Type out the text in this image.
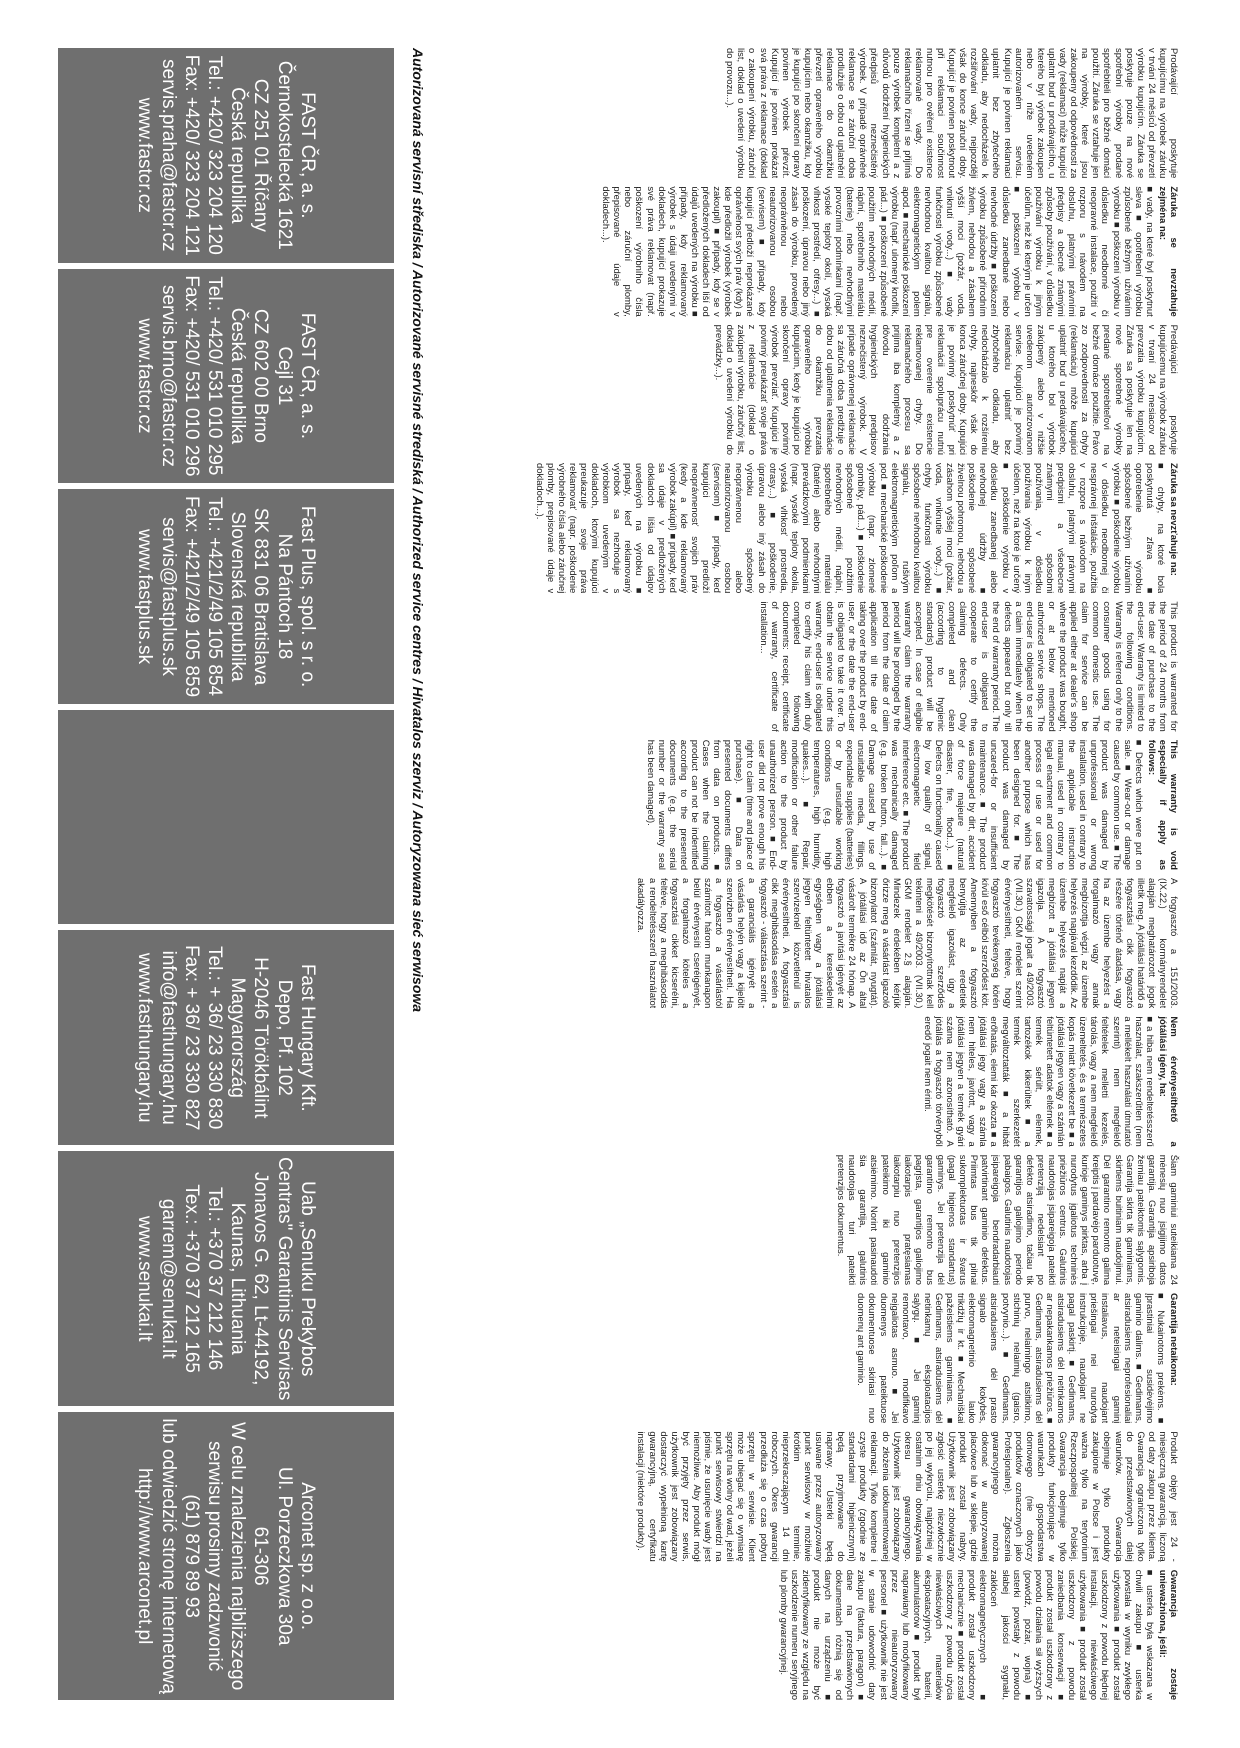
Prodávající poskytuje kupujícímu na výrobek záruku v trvání 24 měsíců od převzetí výrobku kupujícím. Záruka se poskytuje pouze na nové spotřební výrobky prodané spotřebiteli pro běžné domácí použití. Záruka se vztahuje jen na výrobky, které jsou zakoupeny od odpovědnosti za vady (reklamaci) může kupující uplatnit buď u prodávajícího, u kterého byl výrobek zakoupen nebo v níže uvedeném autorizovaném servisu. Kupující je povinen reklamaci uplatnit bez zbytečného odkladu, aby nedocházelo k rozšiřování vady, nejpozději však do konce záruční doby. Kupující je povinen poskytnout při reklamaci součinnost nutnou pro ověření existence reklamované vady. Do reklamačního řízení se přijímá pouze výrobek kompletní a z důvodů dodržení hygienických předpisů neznečistěný výrobek. V případě oprávněné reklamace se záruční doba prodlužuje o dobu od uplatnění reklamace do okamžiku převzetí opraveného výrobku kupujícím nebo okamžiku, kdy je kupující po skončení opravy povinen výrobek převzít. Kupující je povinen prokázat svá práva z reklamace (doklad o zakoupení výrobku, záruční list, doklad o uvedení výrobku do provozu...).

Záruka se nevztahuje zejména na:

■ vady, na které byl poskytnut sleva ■ opotřebení výrobku způsobené běžným užíváním výrobku ■ poškození výrobku v důsledku neodborné či neopravné instalace, použití v rozporu s návodem na obsluhu, platnými právními předpisy a obecně známými způsoby používání, v důsledku používání výrobku k jiným účelům, než ke kterým je určen ■ poškození výrobku v důsledku zanedbané nebo nevhodné údržby ■ poškození výrobku způsobené přírodním živlem, nehodou a zásahem vyšší moci (požár, voda, vniknutí vody...) ■ vady funkčnosti výrobku způsobené nevhodnou kvalitou signálu, elektromagnetickým polem apod. ■ mechanické poškození výrobku (např. ulomený knoflík, pád...) ■ poškození způsobené použitím nevhodných médií, náplní, spotřebního materiálu (baterie) nebo nevhodnými provozními podmínkami (např. vysoké teploty okolí, vysoká vlhkost prostředí, otřesy...) ■ poškození, úpravou nebo jiný zásah do výrobku, provedený neoprávněnou nebo neautorizovanou osobou (servisem) ■ případy, kdy kupující předloží neprokázané oprávněnost svých práv (kdy) a kde předložil výrobek (výrobek zakoupil) ■ případy, kdy se v předložených dokladech liší od údajů uvedených na výrobku ■ případy, kdy reklamovaný výrobek s údaji uvedenými v dokladech, kupující prokazuje své práva reklamovat (např. poškození výrobního čísla nebo záruční plomby, přepisované údaje v dokladech...).

Predávajúci poskytuje kupujúcemu na výrobok záruku v trvaní 24 mesiacov od prevzatia výrobku kupujúcim. Záruka sa poskytuje len na nové spotrebné výrobky predané spotrebiteľovi na bežné domáce použitie. Právo zo zodpovednosti za chyby (reklamáciu) môže kupujúci uplatniť buď u predávajúceho, u ktorého bol výrobok zakúpený alebo v nižšie uvedenom autorizovanom servise. Kupujúci je povinný reklamáciu uplatniť bez zbytočného odkladu, aby nedochádzalo k rozšíreniu chyby, najneskôr však do konca záručnej doby. Kupujúci je povinný poskytnúť pri reklamácii spoluprácu nutnú pre overenie existencie reklamovanej chyby. Do reklamačného procesu sa prijíma iba kompletný a z dôvodu dodržania hygienických predpisov neznečistený výrobok. V prípade oprávnenej reklamácie sa záručná doba predlžuje o dobu od uplatnenia reklamácie do okamžiku prevzatia opraveného výrobku kupujúcim, kedy je kupujúci po skončení opravy povinný výrobok prevziať. Kupujúci je povinný preukázať svoje práva z reklamácie (doklad o zakúpení výrobku, záručný list, doklad o uvedení výrobku do prevádzky...).

Záruka sa nevzťahuje na:

■ chyby, na ktoré bola poskytnutá zľava ■ opotrebenie výrobku spôsobené bežným užívaním výrobku ■ poškodenie výrobku v dôsledku neodbornej či nesprávnej inštalácie, použitia v rozpore s návodom na obsluhu, platnými právnymi predpismi a všeobecne známymi spôsobmi používania, v dôsledku používania výrobku k iným účelom, než na ktoré je určený ■ poškodenie výrobku v dôsledku zanedbanej alebo nevhodnej údržby ■ poškodenie spôsobené živelnou pohromou, nehodou a zásahom vyššej moci (požiar, voda, vniknutie vody...) ■ chyby funkčnosti výrobku spôsobené nevhodnou kvalitou signálu, rušivým elektromagnetickým poľom a pod. ■ mechanické poškodenie výrobku (napr. zlomené gombíky, pád...) ■ poškodenie spôsobené použitím nevhodných médií, náplní, spotrebného materiálu (batérie) alebo nevhodnými prevádzkovými podmienkami (napr. vysoké teploty okolia, vysoká vlhkosť prostredia, otrasy...) ■ poškodenie, úpravou alebo iný zásah do výrobku spôsobený neoprávnenou alebo neautorizovanou osobou (servisom) ■ prípady, keď kupujúci predloží neoprávnenosť svojich práv (kedy a kde reklamovaný výrobok zakúpil) ■ prípady, keď sa údaje v predložených dokladoch líšia od údajov uvedených na výrobku ■ prípady, keď reklamovaný výrobok sa nezhoduje s výrobkom uvedeným v dokladoch, ktorými kupujúci preukazuje svoje práva reklamovať (napr. poškodenie výrobného čísla alebo záručnej plomby, prepisované údaje v dokladoch...).

This product is warranted for the period of 24 months from the date of purchase to the end-user. Warranty is limited to the following conditions. Warranty is referred only to the consumer goods using for common domestic use. The claim for service can be applied either at dealer's shop where the product was bought, or at below mentioned authorized service shops. The end-user is obligated to set up a claim immediately when the defects appeared but only till the end of warranty period. The end-user is obligated to cooperate to certify the claiming defects. Only completed and clean (according to hygienic standards) product will be accepted. In case of eligible warranty claim the warranty period will be prolonged by the period from the date of claim application till the date of taking over the product by end-user, or the date the end-user is obligated to take it over. To obtain the service under this warranty, end-user is obligated to certify his claim with duly completed following documents: receipt, certificate of warranty, certificate of installation...

This warranty is void especially if apply as follows:

■ Defects which were put on sale. ■ Wear-out or damage caused by common use. ■ The product was damaged by unprofessional or wrong installation, used in contrary to the applicable instruction manual, used in contrary to legal enactment and common process of use or used for another purpose which has been designed for. ■ The product was damaged by uncared-for or insufficient maintenance. ■ The product was damaged by dirt, accident of force majeure (natural disaster, fire, flood...). ■ Defects on functionality caused by low quality of signal, electromagnetic field interference etc. ■ The product was mechanically damaged (e.g. broken button, fall...). ■ Damage caused by use of unsuitable media, fillings, expendable supplies (batteries) or by unsuitable working conditions (e.g. high temperatures, high humidity, quakes...). ■ Repair, modification or other failure action to the product by unauthorized person. ■ End-user did not prove enough his right to claim (time and place of purchase). ■ Data on presented documents differs from data on products. ■ Cases when the claiming product can not be indentified according to the presented documents (e.g. the serial number or the warranty seal has been damaged).

A fogyasztó a 151/2003. (IX.22.) kormányrendelet alapján meghatározott jogok illetik meg. A jótállási határidő a fogyasztási cikk fogyasztó részére történő átadása, vagy ha az üzembe helyezést a forgalmazó vagy annak megbízottja végzi, az üzembe helyezés napjával kezdődik. Az üzembe helyezés napját a megbízott a jótállási jegyen igazolja. A fogyasztó szavatossági jogait a 49/2003. (VII.30.) GKM rendelet szerint érvényesítheti, feltéve, hogy fogyasztó tevékenység körén kívül eső célból szerződést köt. Amennyiben a fogyasztó benyújtja az eredetiek megfelelő igazolást, úgy a fogyasztó szerződés megkötését bizonyítottnak kell tekinteni a 49/2003. (VII.30.) GKM rendelet 2.§ alapján. Mindezek érdekében kérjük őrizze meg a vásárlást igazoló bizonylatot (számlát, nyugtát). A jótállási idő az Ön által vásárolt termékre 24 hónap. A fogyasztó a javítási igényét az ebben a kereskedelmi egységben vagy a jótállási jegyen feltüntetett hivatalos szervizeknél közvetlenül is érvényesítheti. A fogyasztási cikk meghibásodása esetén a fogyasztó - választása szerint - a garanciális igényét a vásárlás helyén vagy a kijelölt szervizben érvényesítheti. Ha a fogyasztó a vásárlástól számított három munkanapon belül érvényesíti cseréigényét, a forgalmazó köteles a fogyasztási cikket kicserélni, feltéve, hogy a meghibásodás a rendeltetésszerű használatot akadályozza.

Nem érvényesíthető a jótállási igény, ha:

■ a hiba nem rendeltetésszerű használat, szakszerűtlen (nem a mellékelt használati útmutató szerinti) nem megfelelő feltételek melletti kezelés, tárolás, vagy a nem megfelelő üzemeltetés, és a természetes kopás miatt következett be ■ a jótállási jegyen vagy a számlán feltüntetett adatok eltérnek ■ a termék sérült, elemek, tartozékok kikerültek ■ a termék szerkezetét megváltoztatták ■ a hibát erőhatás, elemi kár okozta ■ a jótállási jegy vagy a számla nem hiteles, javított, vagy a jótállási jegyen a termék gyári száma nem azonosítható. A jótállás a fogyasztó törvényből eredő jogait nem érinti.

Šiam gaminiui suteikiama 24 mėnesių nuo įsigijimo datos garantija. Garantija apsiriboja žemiau pateiktomis sąlygomis. Garantija skirta tik gaminiams, skirtiems buitiniam naudojimui. Dėl garantino remonto galima kreiptis į pardavėjo parduotuvę, kurioje gaminys pirktas, arba į nurodytus įgaliotus techninės priežiūros centrus. Galutinis naudotojas įsipareigoja pateikti pretenziją nedelsiant po defekto atsiradimo, tačiau tik garantijos galiojimo periodo pabaigos. Galutinis naudotojas įsipareigoja bendradarbiauti patvirtinant gaminio defektus. Priimtas bus tik pilnai sukomplektuotas ir švarus (pagal higienos standartus) gaminys. Jei pretenzija dėl garantino remonto bus pagrįsta, garantijos galiojimo laikotarpis pratęsiamas laikotarpiu nuo pretenzijos pateikimo iki gaminio atsiėmimo. Norint pasinaudoti šia garantija, galutinis naudotojas turi pateikti pretenzijos dokumentus.

Garantija netaikoma:

■ Nukainotoms prekėms. ■ Įprastiniai susidėvėjimo gaminio dalims. ■ Gedimams, atsiradusiems neprofesionaliai ar neteisingai gaminį instaliavus, naudojant priešingai nei nurodyta instrukcijoje, naudojant ne pagal paskirtį. ■ Gedimams, atsiradusiems dėl netinkamos ar nepakankamos priežiūros. ■ Gedimams, atsiradusiems dėl purvo, nelaimingo atsitikimo, stichinių nelaimių (gaisro, potvynio...). ■ Gedimams, atsiradusiems dėl prasto signalo kokybės, elektromagnetinio lauko trikdžių ir kt. ■ Mechaniškai pažeistiems gaminiams. ■ Gedimams, atsiradusiems dėl netinkamų eksploatacijos sąlygų. ■ Jei gaminį remontavo, modifikavo neįgaliotas asmuo. ■ Jei duomenys pateiktuose dokumentuose skiriasi nuo duomenų ant gaminio.

Produkt objęty jest 24 - miesięczną gwarancją, liczoną od daty zakupu przez klienta. Gwarancja ograniczona tylko do przedstawionych dalej warunków. Gwarancja obejmuje tylko produkty zakupione w Polsce i jest ważna tylko na terytorium Rzeczpospolitej Polskiej. Gwarancja obejmuje tylko produkty funkcjonujące w warunkach gospodarstwa domowego (nie dotyczy produktów oznaczonych jako Profesjonalne). Zgłoszenia gwarancyjnego można dokonać w autoryzowanej placówce lub w sklepie, gdzie produkt został nabyty. Użytkownik jest zobowiązany zgłosić usterkę niezwłocznie po jej wykryciu, najpóźniej w ostatnim dniu obowiązywania okresu gwarancyjnego. Użytkownik jest zobowiązany do złożenia udokumentowanej reklamacji. Tylko kompletne i czyste produkty (zgodnie ze standardami higienicznymi) będą przyjmowane do naprawy. Usterki będą usuwane przez autoryzowany punkt serwisowy w możliwie krótkim terminie, nieprzekraczającym 14 dni roboczych. Okres gwarancji przedłuża się o czas pobytu sprzętu w serwisie. Klient może ubiegać się o wymianę sprzętu na wolny od wad, jeżeli punkt serwisowy stwierdzi na piśmie, że usunięcie wady jest niemożliwe. Aby produkt mógł być przyjęty przez serwis, użytkownik jest zobowiązany dostarczyć wypełnioną kartę gwarancyjną, certyfikatu instalacji (niektóre produkty).

Gwarancja zostaje unieważniona, jeśli:

■ usterka była wskazana w chwili zakupu ■ usterka powstała w wyniku zwykłego użytkowania ■ produkt został uszkodzony z powodu błędnej instalacji, niewłaściwego użytkowania ■ produkt został uszkodzony z powodu zaniedbania konserwacji ■ produkt został uszkodzony z powodu działania sił wyższych (powódź, pożar, wojna) ■ usterki powstały z powodu słabej jakości sygnału, zakłóceń elektromagnetycznych ■ produkt został uszkodzony mechanicznie ■ produkt został uszkodzony z powodu użycia niewłaściwych materiałów eksploatacyjnych, baterii, akumulatorów ■ produkt był naprawiany lub modyfikowany przez nieautoryzowany personel ■ użytkownik nie jest w stanie udowodnić daty zakupu (faktura, paragon) ■ dane na przedstawionych dokumentach różnią się od danych na urządzeniu ■ produkt nie może być zidentyfikowany ze względu na uszkodzenie numeru seryjnego lub plomby gwarancyjnej.

Autorizovaná servisní střediska / Autorizované servisné strediská / Authorized service centres / Hivatalos szerviz / Autoryzowana sieć serwisowa
FAST ČR, a. s.
Černokostelecká 1621
CZ 251 01 Říčany
Česká republika
Tel.: +420/ 323 204 120
Fax: +420/ 323 204 121
servis.praha@fastcr.cz
www.fastcr.cz
FAST ČR, a. s.
Cejl 31
CZ 602 00 Brno
Česká republika
Tel.: +420/ 531 010 295
Fax: +420/ 531 010 296
servis.brno@fastcr.cz
www.fastcr.cz
Fast Plus, spol. s r. o.
Na Pántoch 18
SK 831 06 Bratislava
Slovenská republika
Tel.: +421/2/49 105 854
Fax: +421/2/49 105 859
servis@fastplus.sk
www.fastplus.sk
Fast Hungary Kft.
Depo, Pf. 102
H-2046 Törökbálint
Magyarország
Tel.: + 36/ 23 330 830
Fax: + 36/ 23 330 827
info@fasthungary.hu
www.fasthungary.hu
Uab „Senuku Prekybos
Centras" Garantinis Servisas
Jonavos G. 62, Lt-44192,
Kaunas, Lithuania
Tel.: +370 37 212 146
Tex.: +370 37 212 165
garrem@senukai.lt
www.senukai.lt
Arconet sp. z o.o.
Ul. Porzeczkowa 30a
61-306
W celu znalezienia najbliższego
serwisu prosimy zadzwonić
(61) 879 89 93
lub odwiedzić stronę internetową
http://www.arconet.pl
